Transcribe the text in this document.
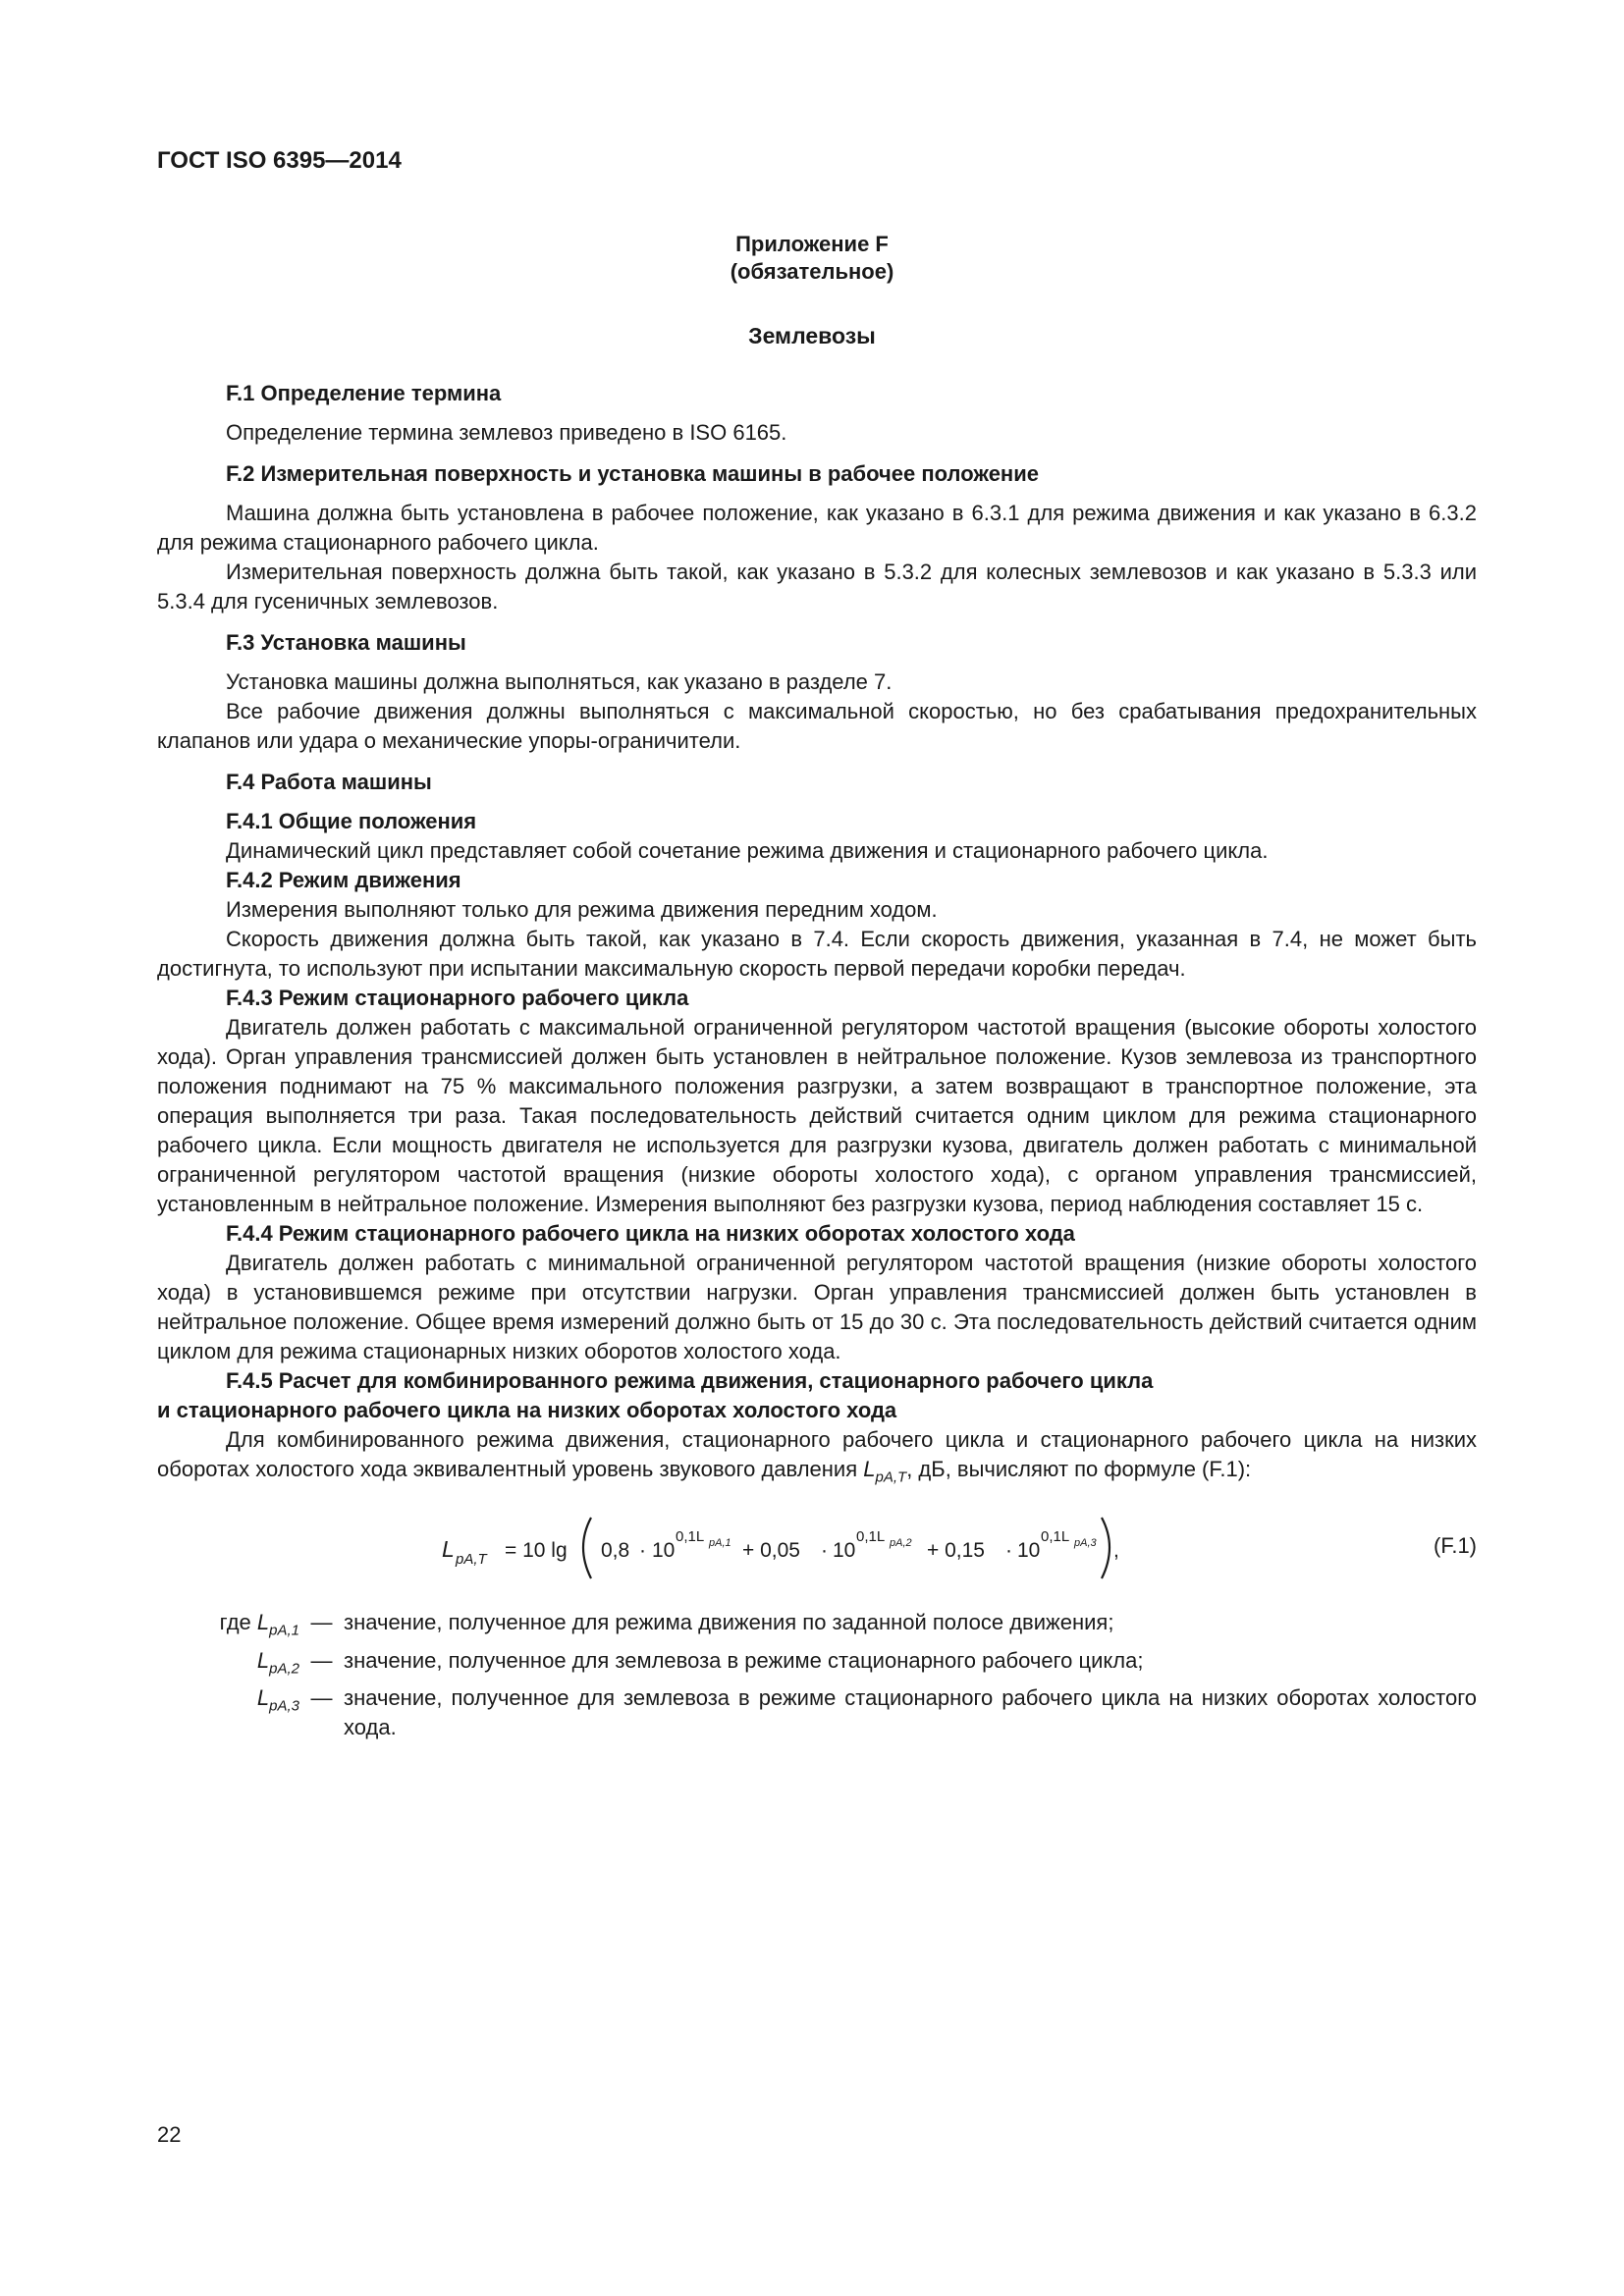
ГОСТ ISO 6395—2014
Приложение F
(обязательное)
Землевозы

F.1 Определение термина

Определение термина землевоз приведено в ISO 6165.

F.2 Измерительная поверхность и установка машины в рабочее положение

Машина должна быть установлена в рабочее положение, как указано в 6.3.1 для режима движения и как указано в 6.3.2 для режима стационарного рабочего цикла.

Измерительная поверхность должна быть такой, как указано в 5.3.2 для колесных землевозов и как указано в 5.3.3 или 5.3.4 для гусеничных землевозов.

F.3 Установка машины

Установка машины должна выполняться, как указано в разделе 7.

Все рабочие движения должны выполняться с максимальной скоростью, но без срабатывания предохранительных клапанов или удара о механические упоры-ограничители.

F.4 Работа машины

F.4.1 Общие положения

Динамический цикл представляет собой сочетание режима движения и стационарного рабочего цикла.

F.4.2 Режим движения

Измерения выполняют только для режима движения передним ходом.

Скорость движения должна быть такой, как указано в 7.4. Если скорость движения, указанная в 7.4, не может быть достигнута, то используют при испытании максимальную скорость первой передачи коробки передач.

F.4.3 Режим стационарного рабочего цикла

Двигатель должен работать с максимальной ограниченной регулятором частотой вращения (высокие обороты холостого хода). Орган управления трансмиссией должен быть установлен в нейтральное положение. Кузов землевоза из транспортного положения поднимают на 75 % максимального положения разгрузки, а затем возвращают в транспортное положение, эта операция выполняется три раза. Такая последовательность действий считается одним циклом для режима стационарного рабочего цикла. Если мощность двигателя не используется для разгрузки кузова, двигатель должен работать с минимальной ограниченной регулятором частотой вращения (низкие обороты холостого хода), с органом управления трансмиссией, установленным в нейтральное положение. Измерения выполняют без разгрузки кузова, период наблюдения составляет 15 с.

F.4.4 Режим стационарного рабочего цикла на низких оборотах холостого хода

Двигатель должен работать с минимальной ограниченной регулятором частотой вращения (низкие обороты холостого хода) в установившемся режиме при отсутствии нагрузки. Орган управления трансмиссией должен быть установлен в нейтральное положение. Общее время измерений должно быть от 15 до 30 с. Эта последовательность действий считается одним циклом для режима стационарных низких оборотов холостого хода.

F.4.5 Расчет для комбинированного режима движения, стационарного рабочего цикла

и стационарного рабочего цикла на низких оборотах холостого хода

Для комбинированного режима движения, стационарного рабочего цикла и стационарного рабочего цикла на низких оборотах холостого хода эквивалентный уровень звукового давления $L_{pA,T}$, дБ, вычисляют по формуле (F.1):

L pA,T = 10 lg 0,8 · 10
0,1L pA,1 + 0,05 · 10
0,1L pA,2 + 0,15 · 10
0,1L pA,3 ,	(F.1)
где $L_{pA,1}$ — значение, полученное для режима движения по заданной полосе движения;
$L_{pA,2}$ — значение, полученное для землевоза в режиме стационарного рабочего цикла;
$L_{pA,3}$ — значение, полученное для землевоза в режиме стационарного рабочего цикла на низких оборотах холостого хода.
22
